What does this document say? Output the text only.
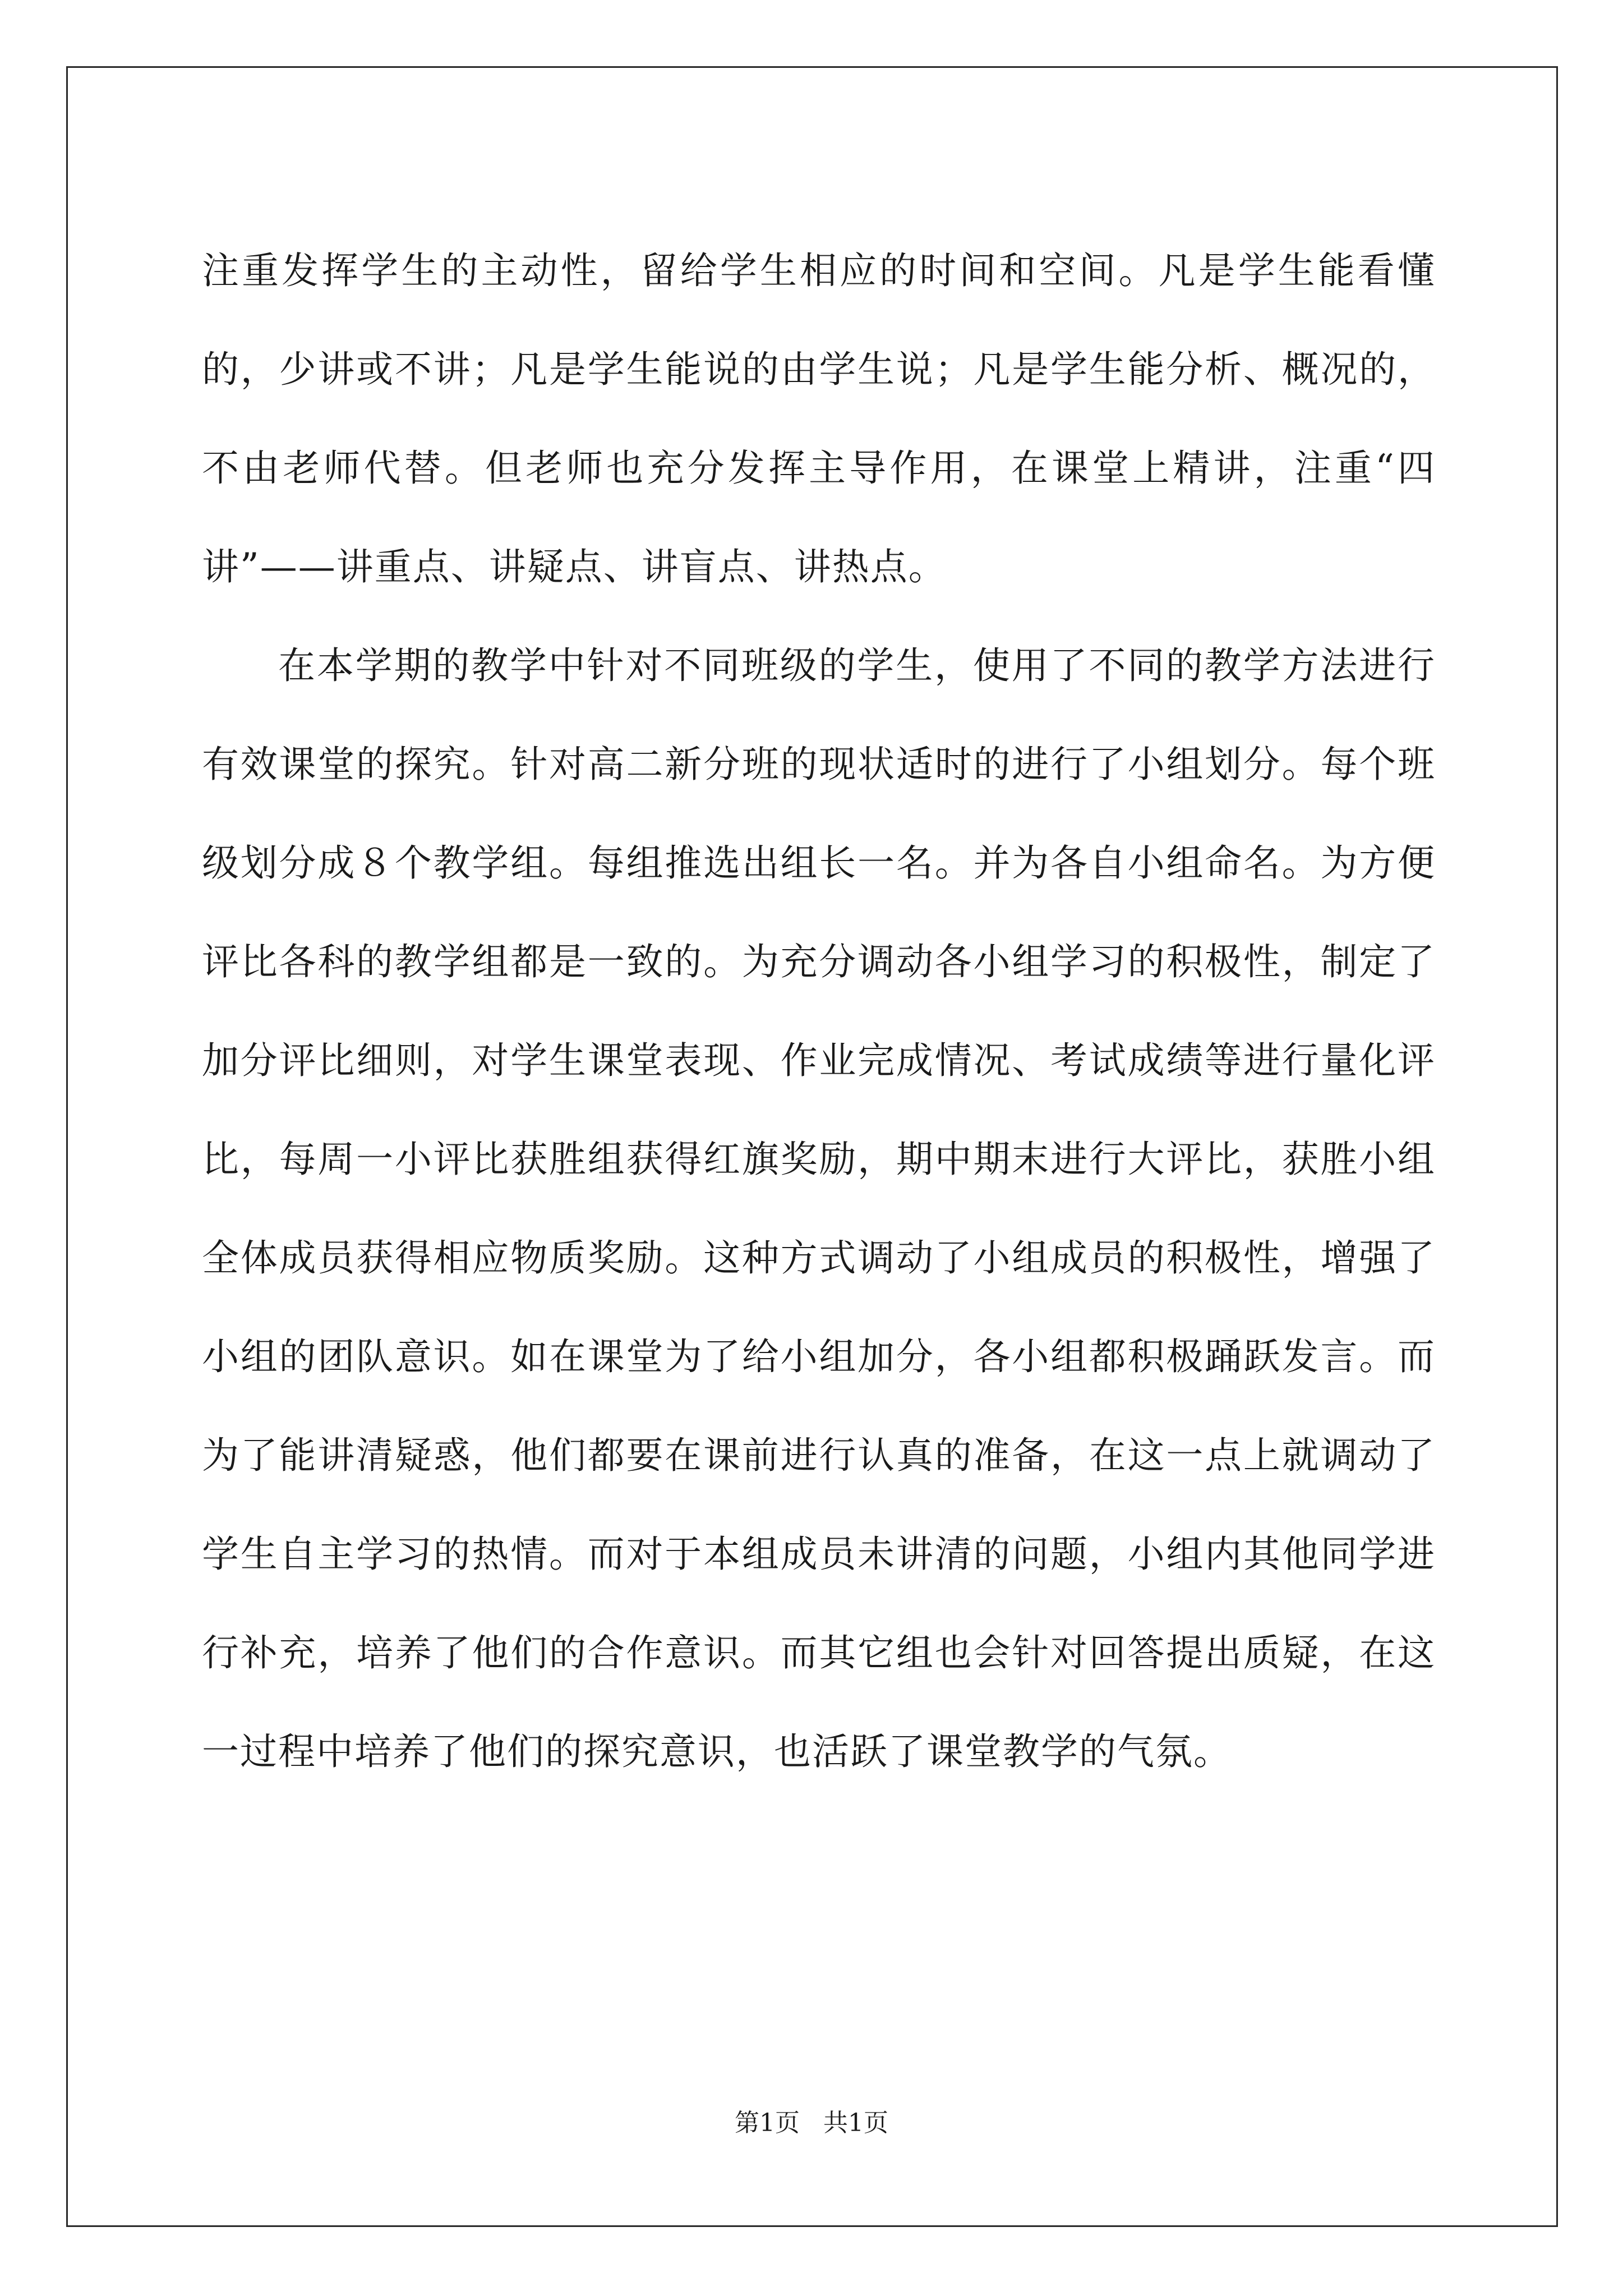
注重发挥学生的主动性，留给学生相应的时间和空间。凡是学生能看懂的，少讲或不讲；凡是学生能说的由学生说；凡是学生能分析、概况的，不由老师代替。但老师也充分发挥主导作用，在课堂上精讲，注重“四讲”——讲重点、讲疑点、讲盲点、讲热点。

在本学期的教学中针对不同班级的学生，使用了不同的教学方法进行有效课堂的探究。针对高二新分班的现状适时的进行了小组划分。每个班级划分成８个教学组。每组推选出组长一名。并为各自小组命名。为方便评比各科的教学组都是一致的。为充分调动各小组学习的积极性，制定了加分评比细则，对学生课堂表现、作业完成情况、考试成绩等进行量化评比，每周一小评比获胜组获得红旗奖励，期中期末进行大评比，获胜小组全体成员获得相应物质奖励。这种方式调动了小组成员的积极性，增强了小组的团队意识。如在课堂为了给小组加分，各小组都积极踊跃发言。而为了能讲清疑惑，他们都要在课前进行认真的准备，在这一点上就调动了学生自主学习的热情。而对于本组成员未讲清的问题，小组内其他同学进行补充，培养了他们的合作意识。而其它组也会针对回答提出质疑，在这一过程中培养了他们的探究意识，也活跃了课堂教学的气氛。

第1页 共1页
